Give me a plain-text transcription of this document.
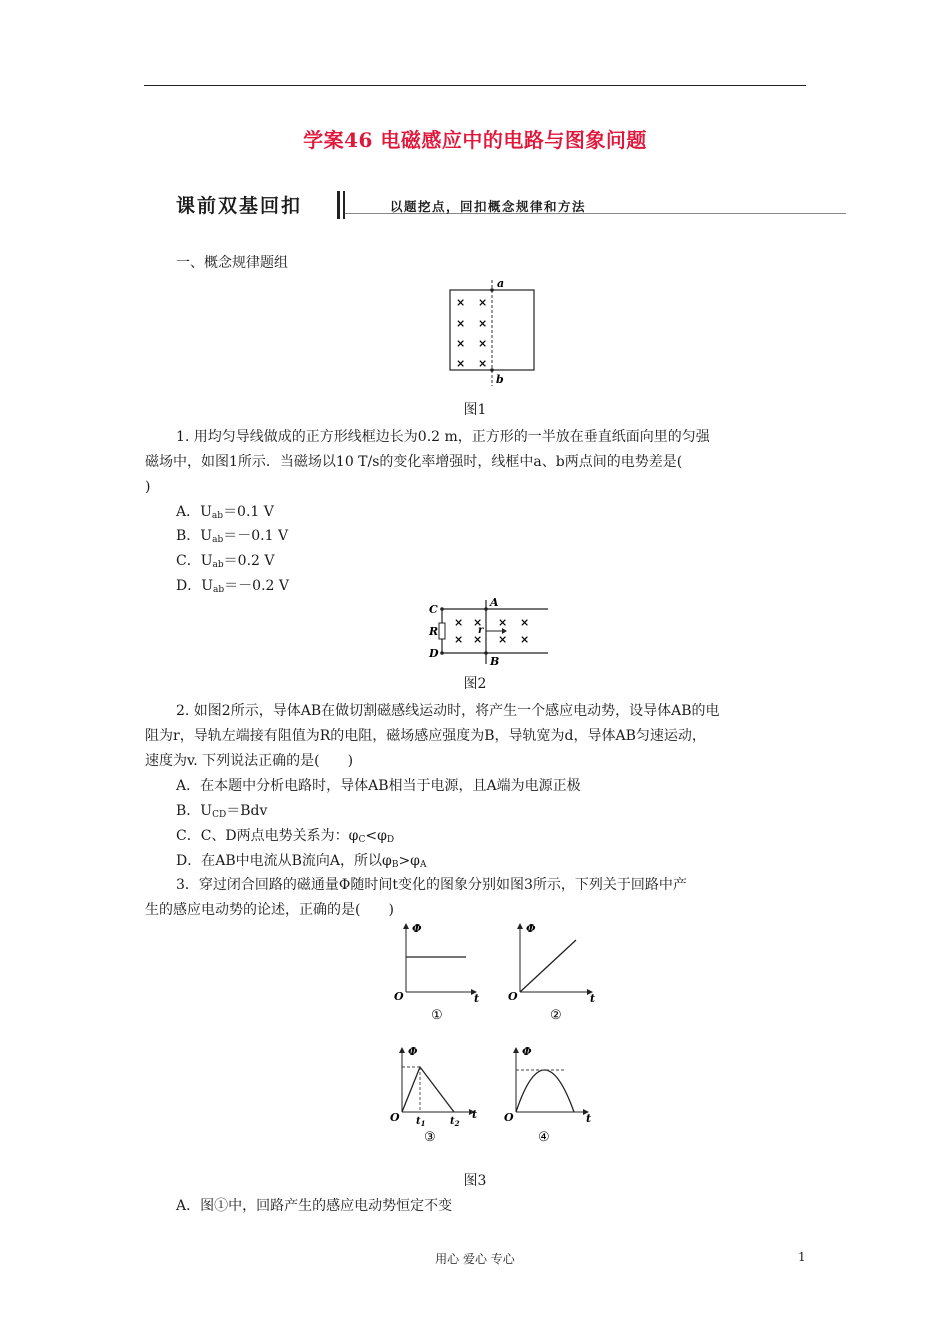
学案46 电磁感应中的电路与图象问题
课前双基回扣	以题挖点，回扣概念规律和方法
一、概念规律题组
a
b
× ×
× ×
× ×
× ×
图1
1. 用均匀导线做成的正方形线框边长为0.2 m，正方形的一半放在垂直纸面向里的匀强
磁场中，如图1所示．当磁场以10 T/s的变化率增强时，线框中a、b两点间的电势差是(
)
A．$U_{ab}=0.1$ V
B．$U_{ab}=-0.1$ V
C．$U_{ab}=0.2$ V
D．$U_{ab}=-0.2$ V
C
D
R
A
B
r
× × × ×
× × × ×
图2
2. 如图2所示，导体AB在做切割磁感线运动时，将产生一个感应电动势，设导体AB的电
阻为r，导轨左端接有阻值为R的电阻，磁场感应强度为B，导轨宽为d，导体AB匀速运动，
速度为v. 下列说法正确的是(　　)
A．在本题中分析电路时，导体AB相当于电源，且A端为电源正极
B．$U_{CD}=Bdv$
C．C、D两点电势关系为：$\varphi_C<\varphi_D$
D．在AB中电流从B流向A，所以$\varphi_B>\varphi_A$
3．穿过闭合回路的磁通量Φ随时间t变化的图象分别如图3所示，下列关于回路中产
生的感应电动势的论述，正确的是(　　)
Φ
O	t
①
Φ
O	t
②
Φ
O	t
$t_1$ $t_2$
③
Φ
O	t
④
图3
A．图①中，回路产生的感应电动势恒定不变
用心 爱心 专心	1
